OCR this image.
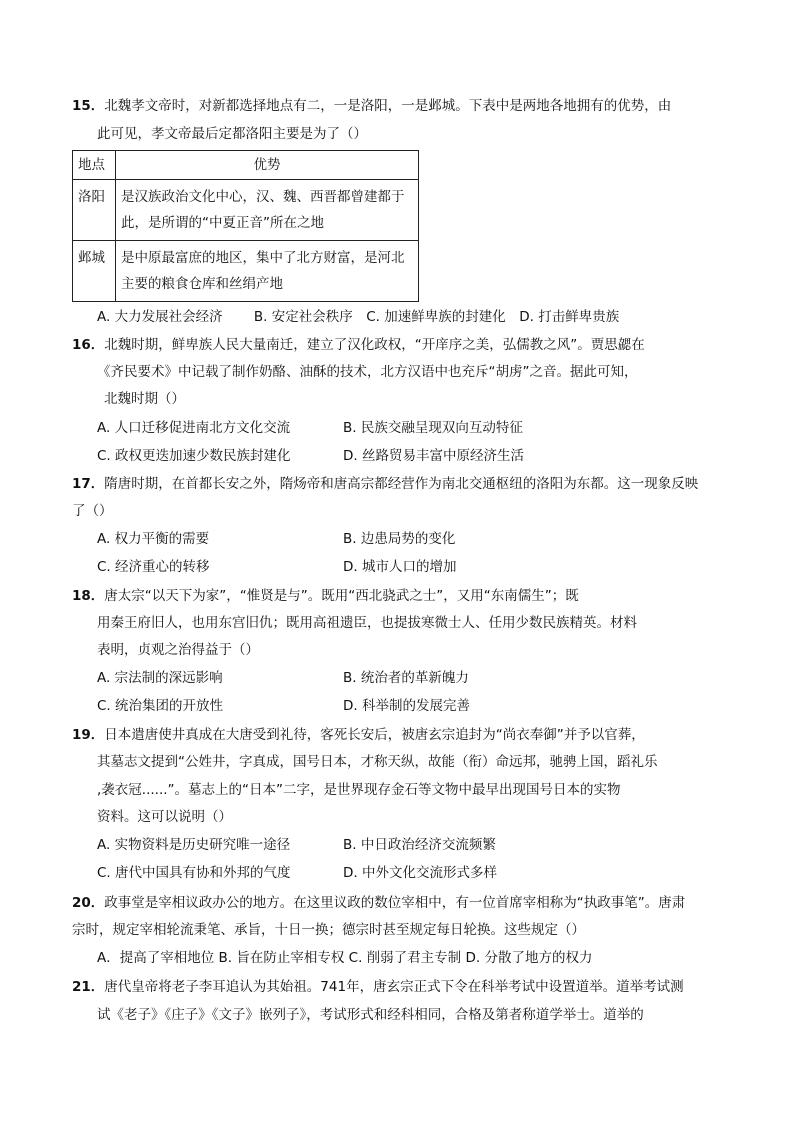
15．北魏孝文帝时，对新都选择地点有二，一是洛阳，一是邺城。下表中是两地各地拥有的优势，由
此可见，孝文帝最后定都洛阳主要是为了（）
地点	优势
洛阳	是汉族政治文化中心，汉、魏、西晋都曾建都于
此，是所谓的“中夏正音”所在之地

邺城	是中原最富庶的地区，集中了北方财富，是河北
主要的粮食仓库和丝绢产地
A. 大力发展社会经济　　 B. 安定社会秩序　C. 加速鲜卑族的封建化　D. 打击鲜卑贵族
16．北魏时期，鲜卑族人民大量南迁，建立了汉化政权，“开庠序之美，弘儒教之风”。贾思勰在
《齐民要术》中记载了制作奶酪、油酥的技术，北方汉语中也充斥“胡虏”之音。据此可知，
北魏时期（）
A. 人口迁移促进南北方文化交流	B. 民族交融呈现双向互动特征
C. 政权更迭加速少数民族封建化	D. 丝路贸易丰富中原经济生活
17．隋唐时期，在首都长安之外，隋炀帝和唐高宗都经营作为南北交通枢纽的洛阳为东都。这一现象反映
了（）
A. 权力平衡的需要	B. 边患局势的变化
C. 经济重心的转移	D. 城市人口的增加
18．唐太宗“以天下为家”，“惟贤是与”。既用“西北骁武之士”，又用“东南儒生”；既
用秦王府旧人，也用东宫旧仇；既用高祖遗臣，也提拔寒微士人、任用少数民族精英。材料
表明，贞观之治得益于（）
A. 宗法制的深远影响	B. 统治者的革新魄力
C. 统治集团的开放性	D. 科举制的发展完善
19．日本遣唐使井真成在大唐受到礼待，客死长安后，被唐玄宗追封为“尚衣奉御”并予以官葬，
其墓志文提到“公姓井，字真成，国号日本，才称天纵，故能（衔）命远邦，驰骋上国，蹈礼乐
,袭衣冠......”。墓志上的“日本”二字，是世界现存金石等文物中最早出现国号日本的实物
资料。这可以说明（）
A. 实物资料是历史研究唯一途径	B. 中日政治经济交流频繁
C. 唐代中国具有协和外邦的气度	D. 中外文化交流形式多样
20．政事堂是宰相议政办公的地方。在这里议政的数位宰相中，有一位首席宰相称为“执政事笔”。唐肃
宗时，规定宰相轮流秉笔、承旨，十日一换；德宗时甚至规定每日轮换。这些规定（）
A．提高了宰相地位 B. 旨在防止宰相专权 C. 削弱了君主专制 D. 分散了地方的权力
21．唐代皇帝将老子李耳追认为其始祖。741年，唐玄宗正式下令在科举考试中设置道举。道举考试测
试《老子》《庄子》《文子》嵌列子》，考试形式和经科相同，合格及第者称道学举士。道举的
